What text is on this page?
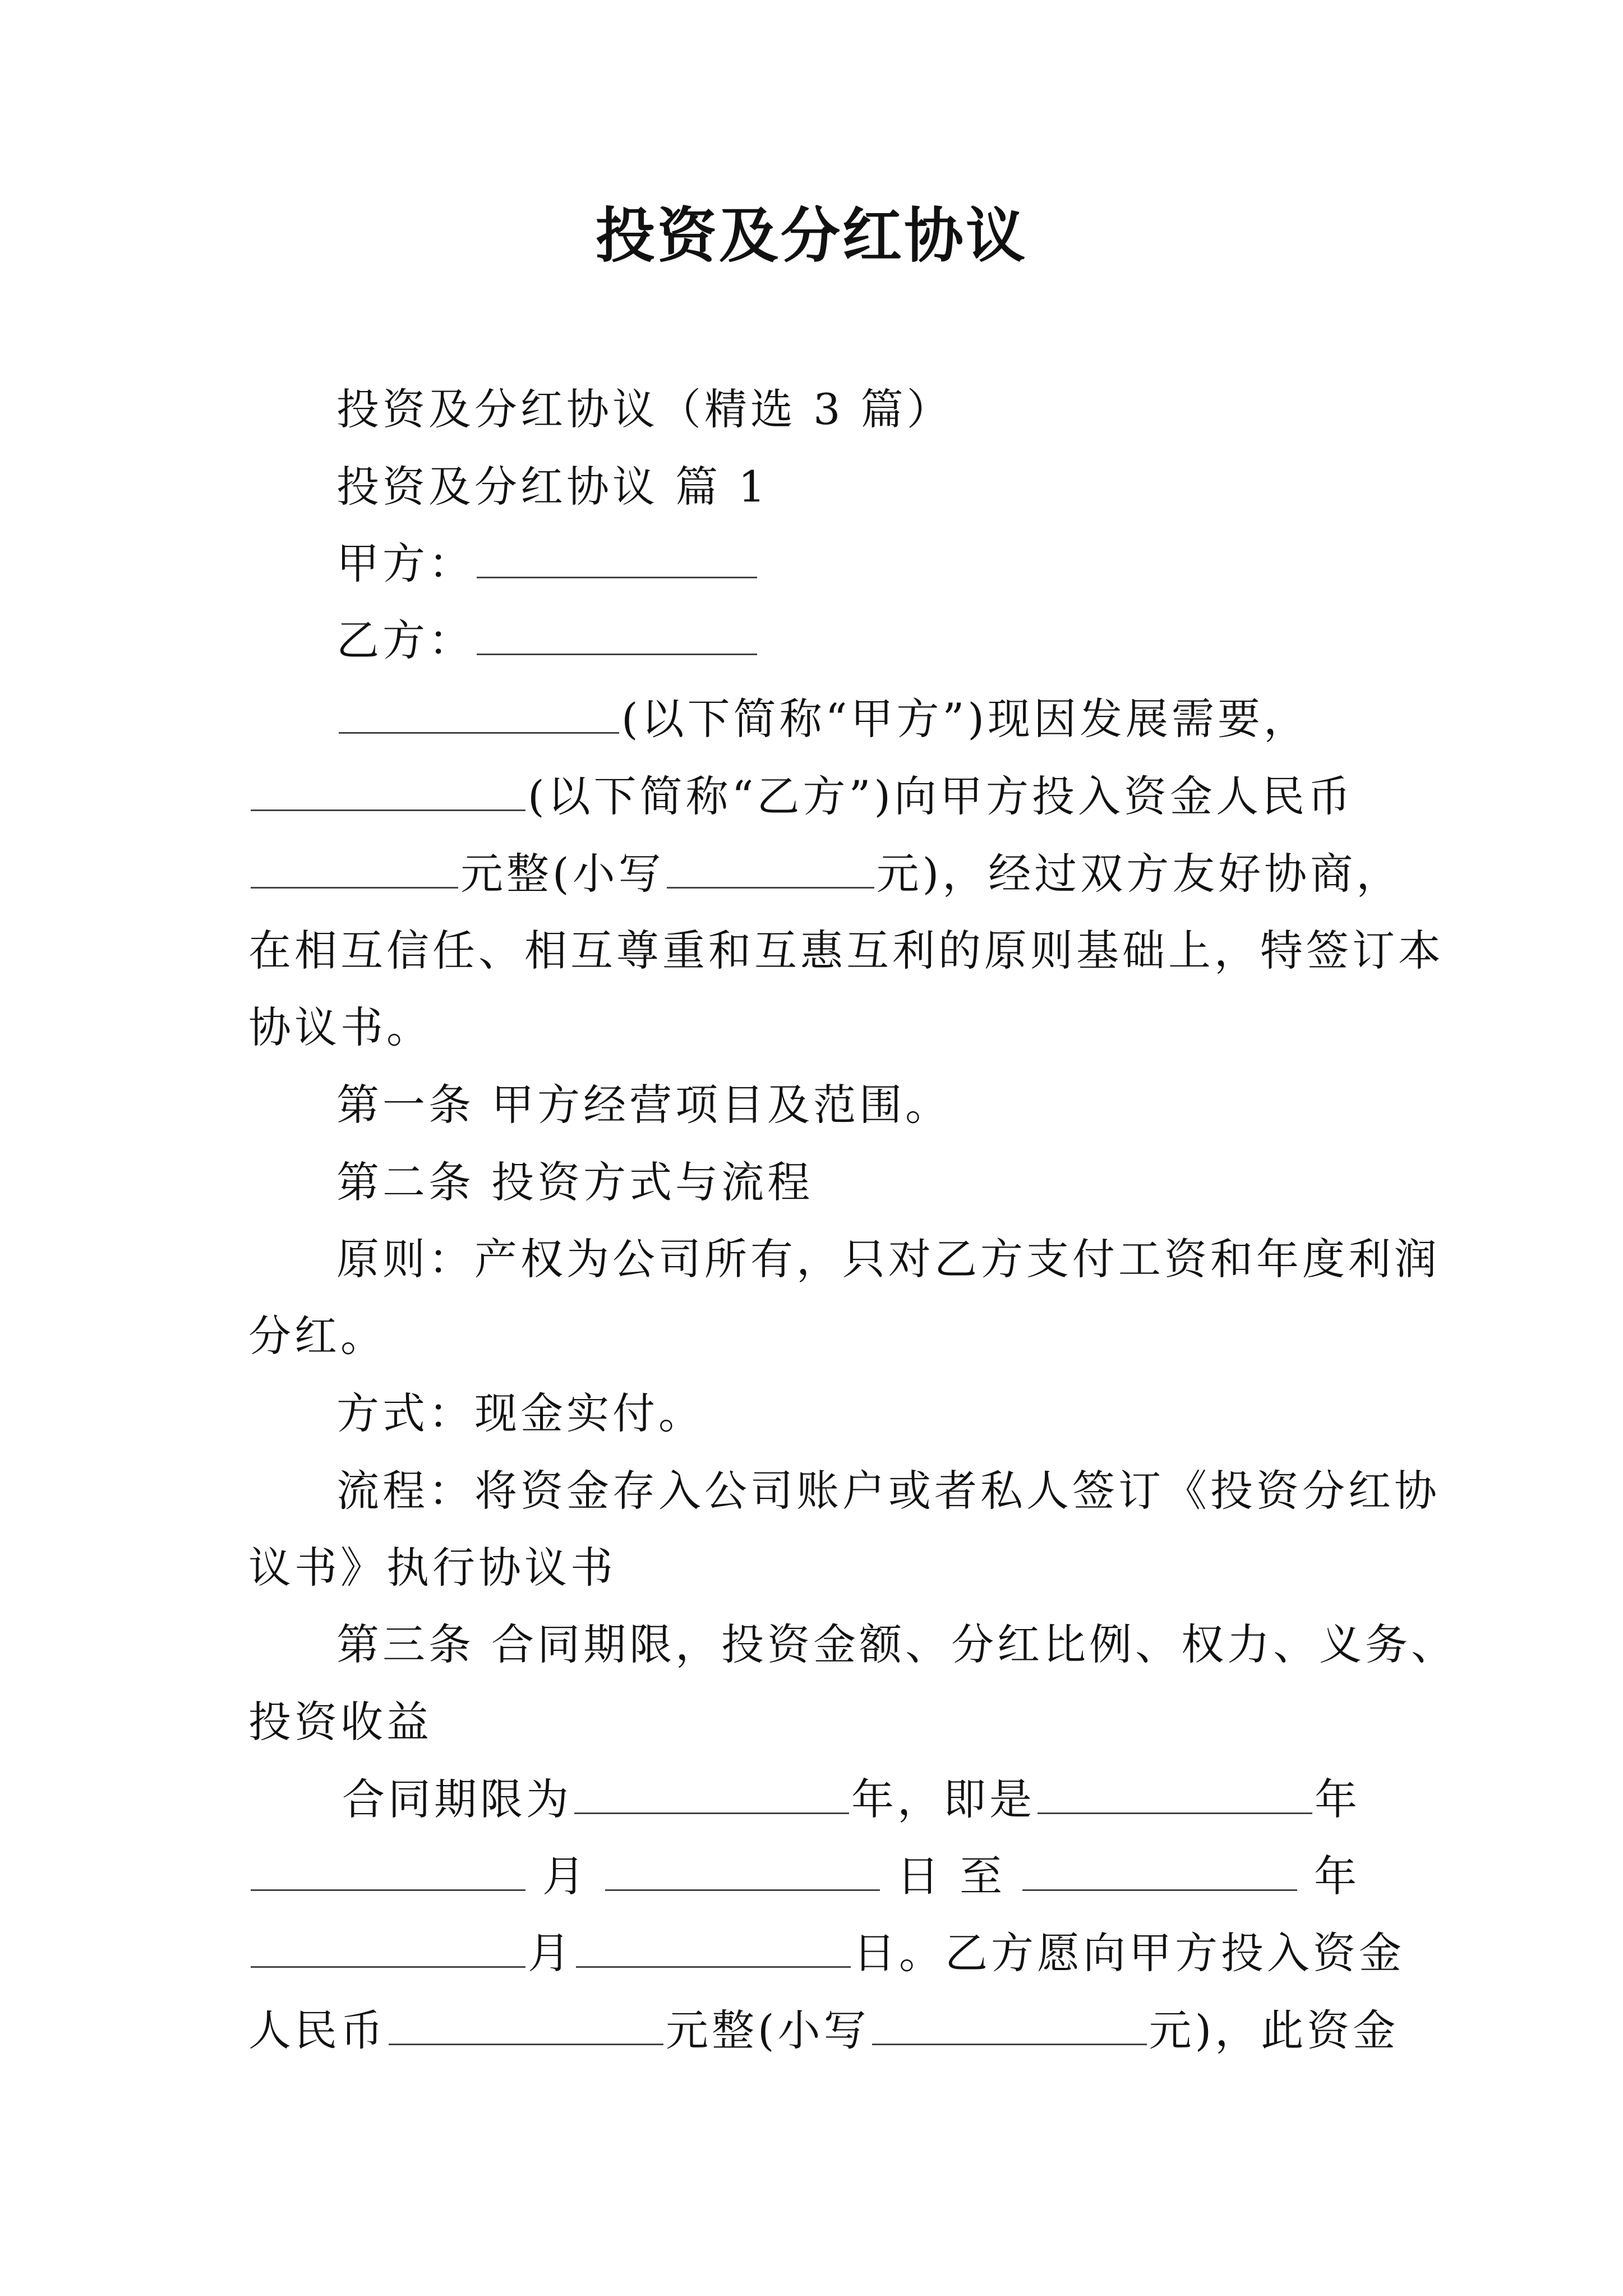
投资及分红协议
投资及分红协议（精选 3 篇）
投资及分红协议 篇 1
甲方：
乙方：
(以下简称“甲方”)现因发展需要，
(以下简称“乙方”)向甲方投入资金人民币
元整(小写	元)，经过双方友好协商，
在相互信任、相互尊重和互惠互利的原则基础上，特签订本
协议书。
第一条 甲方经营项目及范围。
第二条 投资方式与流程
原则：产权为公司所有，只对乙方支付工资和年度利润
分红。
方式：现金实付。
流程：将资金存入公司账户或者私人签订《投资分红协
议书》执行协议书
第三条 合同期限，投资金额、分红比例、权力、义务、
投资收益
合同期限为	年，即是	年
月	日 至	年
月	日。乙方愿向甲方投入资金
人民币	元整(小写	元)，此资金
